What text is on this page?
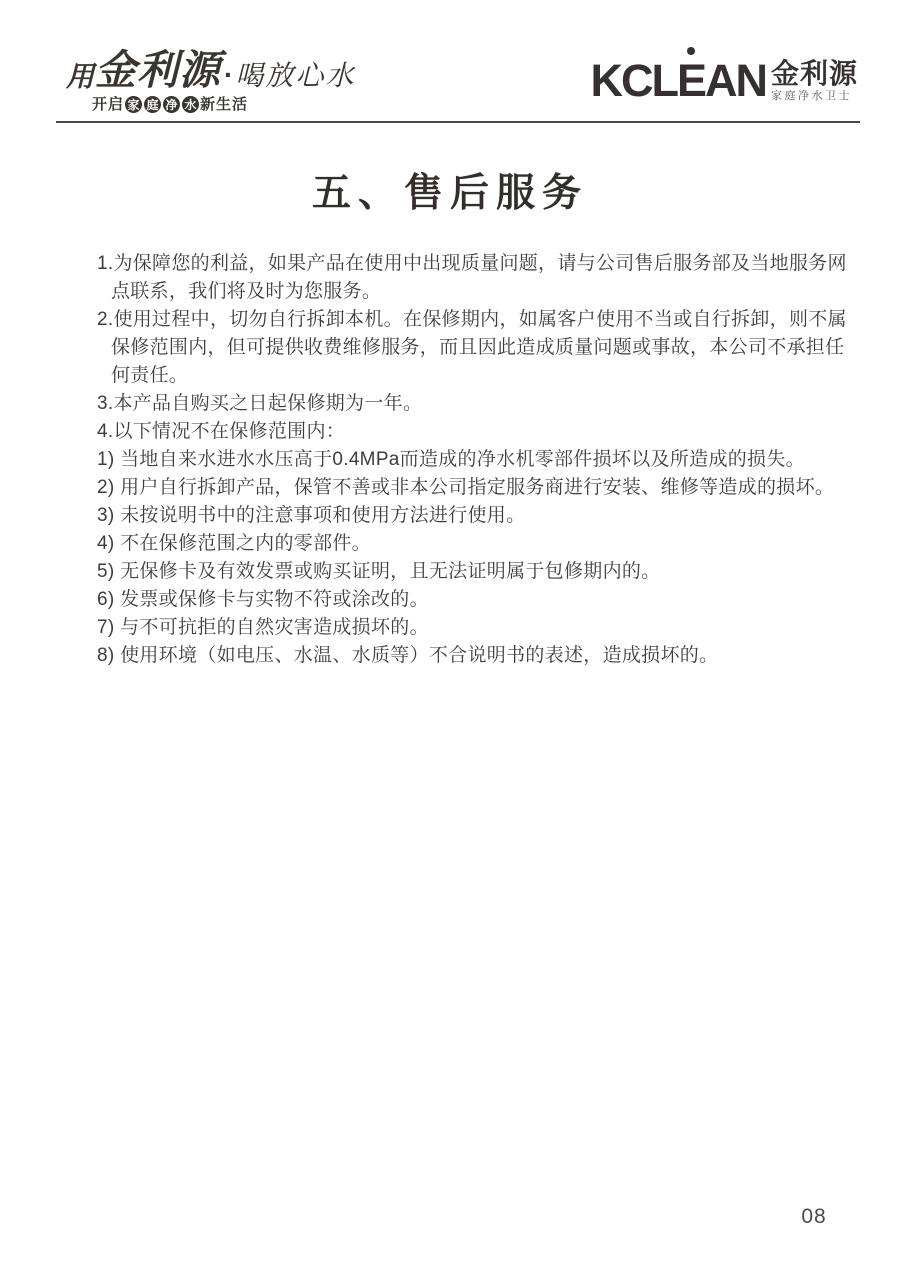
用 金利源 · 喝放心水
开启 家 庭 净 水 新生活	KCLEAN 金利源
家庭净水卫士
五、售后服务

1.为保障您的利益，如果产品在使用中出现质量问题，请与公司售后服务部及当地服务网点联系，我们将及时为您服务。

2.使用过程中，切勿自行拆卸本机。在保修期内，如属客户使用不当或自行拆卸，则不属保修范围内，但可提供收费维修服务，而且因此造成质量问题或事故，本公司不承担任何责任。

3.本产品自购买之日起保修期为一年。

4.以下情况不在保修范围内：

1) 当地自来水进水水压高于0.4MPa而造成的净水机零部件损坏以及所造成的损失。
2) 用户自行拆卸产品，保管不善或非本公司指定服务商进行安装、维修等造成的损坏。
3) 未按说明书中的注意事项和使用方法进行使用。
4) 不在保修范围之内的零部件。
5) 无保修卡及有效发票或购买证明，且无法证明属于包修期内的。
6) 发票或保修卡与实物不符或涂改的。
7) 与不可抗拒的自然灾害造成损坏的。
8) 使用环境（如电压、水温、水质等）不合说明书的表述，造成损坏的。
08
